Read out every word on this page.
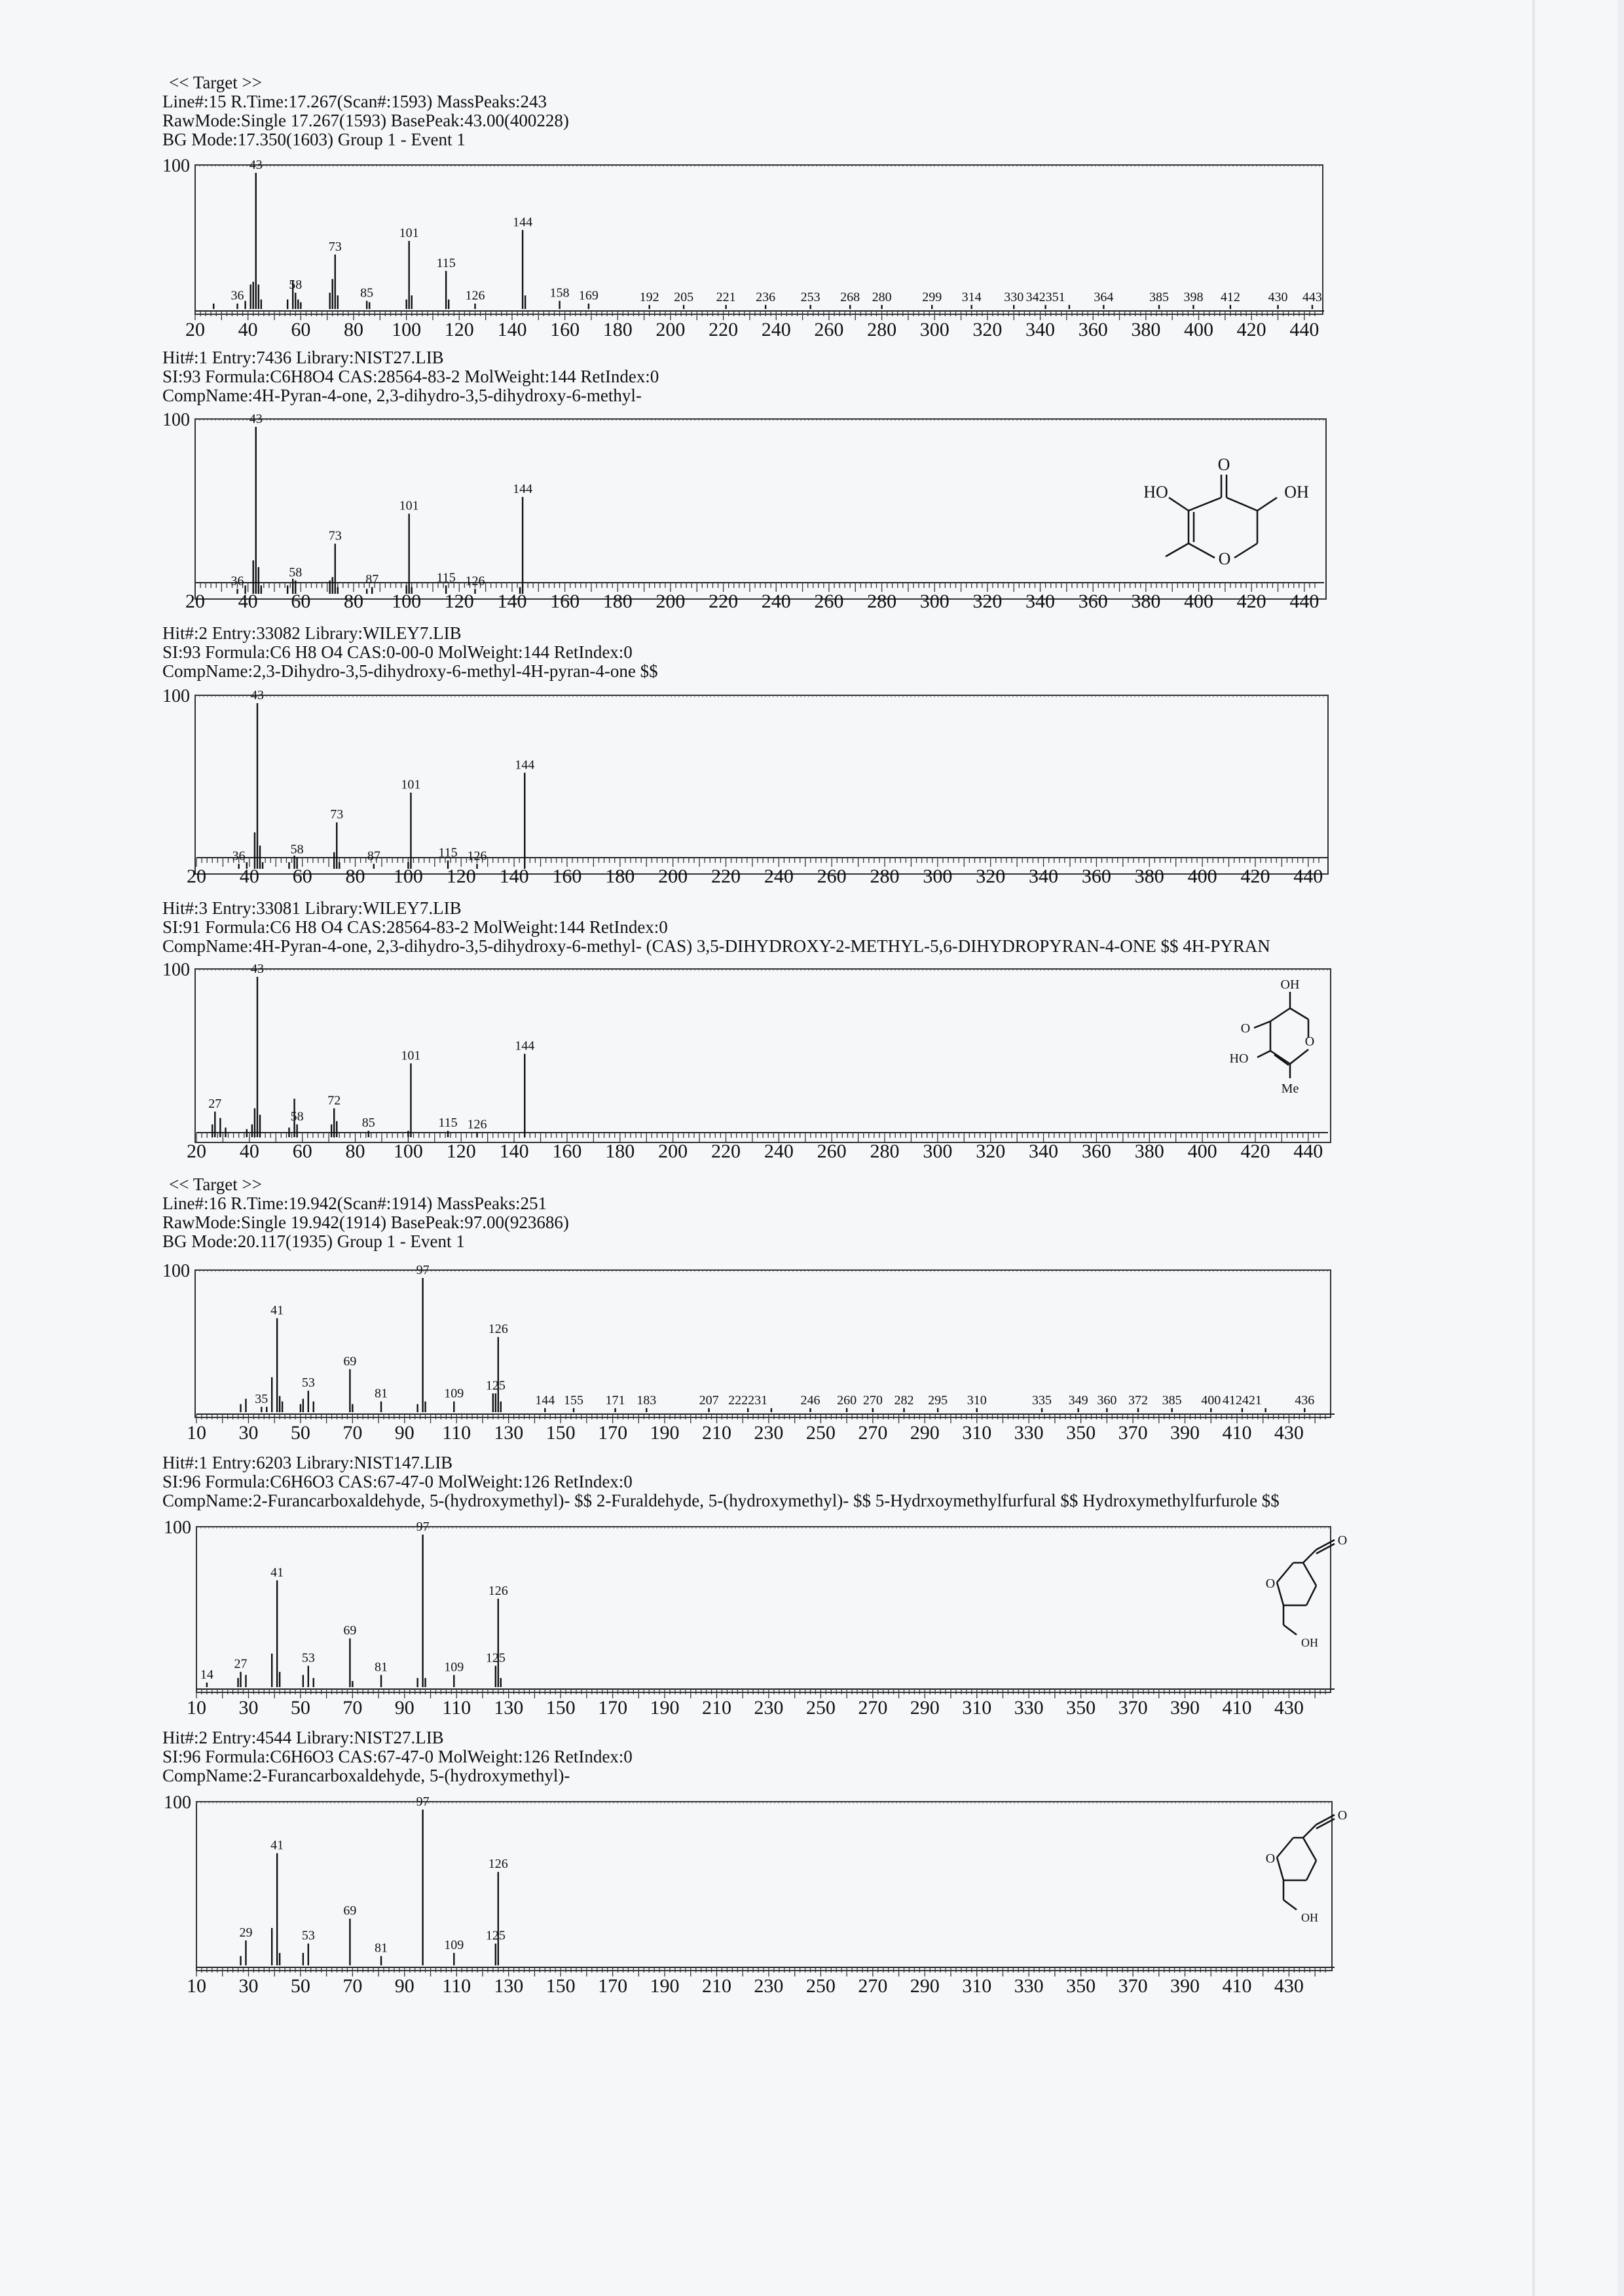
<< Target >>
Line#:15 R.Time:17.267(Scan#:1593) MassPeaks:243
RawMode:Single 17.267(1593) BasePeak:43.00(400228)
BG Mode:17.350(1603) Group 1 - Event 1
100
20 40 60 80 100 120 140 160 180 200 220 240 260 280 300 320 340 360 380 400 420 440
36
43
58
73
85
101
115
126
144
158 169	192 205 221 236 253 268 280 299 314 330 342351 364	385 398 412 430 443
Hit#:1 Entry:7436 Library:NIST27.LIB
SI:93 Formula:C6H8O4 CAS:28564-83-2 MolWeight:144 RetIndex:0
CompName:4H-Pyran-4-one, 2,3-dihydro-3,5-dihydroxy-6-methyl-
100
20 40 60 80 100 120 140 160 180 200 220 240 260 280 300 320 340 360 380 400 420 440
36
43
58
73
87
101
115 126
144
O
O
HO	OH
Hit#:2 Entry:33082 Library:WILEY7.LIB
SI:93 Formula:C6 H8 O4 CAS:0-00-0 MolWeight:144 RetIndex:0
CompName:2,3-Dihydro-3,5-dihydroxy-6-methyl-4H-pyran-4-one $$
100
20 40 60 80 100 120 140 160 180 200 220 240 260 280 300 320 340 360 380 400 420 440
36
43
58
73
87
101
115 126
144
Hit#:3 Entry:33081 Library:WILEY7.LIB
SI:91 Formula:C6 H8 O4 CAS:28564-83-2 MolWeight:144 RetIndex:0
CompName:4H-Pyran-4-one, 2,3-dihydro-3,5-dihydroxy-6-methyl- (CAS) 3,5-DIHYDROXY-2-METHYL-5,6-DIHYDROPYRAN-4-ONE $$ 4H-PYRAN
100
20 40 60 80 100 120 140 160 180 200 220 240 260 280 300 320 340 360 380 400 420 440
27
43
58
72
85
101
115 126
144
OH
O
O
HO
Me
<< Target >>
Line#:16 R.Time:19.942(Scan#:1914) MassPeaks:251
RawMode:Single 19.942(1914) BasePeak:97.00(923686)
BG Mode:20.117(1935) Group 1 - Event 1
100
10 30 50 70 90 110 130 150 170 190 210 230 250 270 290 310 330 350 370 390 410 430
35
41
53
69
81
97
109
125
126
144 155 171 183	207 222231	246 260 270 282 295 310	335 349 360 372 385 400 412421	436
Hit#:1 Entry:6203 Library:NIST147.LIB
SI:96 Formula:C6H6O3 CAS:67-47-0 MolWeight:126 RetIndex:0
CompName:2-Furancarboxaldehyde, 5-(hydroxymethyl)- $$ 2-Furaldehyde, 5-(hydroxymethyl)- $$ 5-Hydrxoymethylfurfural $$ Hydroxymethylfurfurole $$
100
10 30 50 70 90 110 130 150 170 190 210 230 250 270 290 310 330 350 370 390 410 430
14
27
41
53
69
81
97
109
125
126
O
O
OH
Hit#:2 Entry:4544 Library:NIST27.LIB
SI:96 Formula:C6H6O3 CAS:67-47-0 MolWeight:126 RetIndex:0
CompName:2-Furancarboxaldehyde, 5-(hydroxymethyl)-
100
10 30 50 70 90 110 130 150 170 190 210 230 250 270 290 310 330 350 370 390 410 430
29
41
53
69
81
97
109
125
126
O
O
OH
